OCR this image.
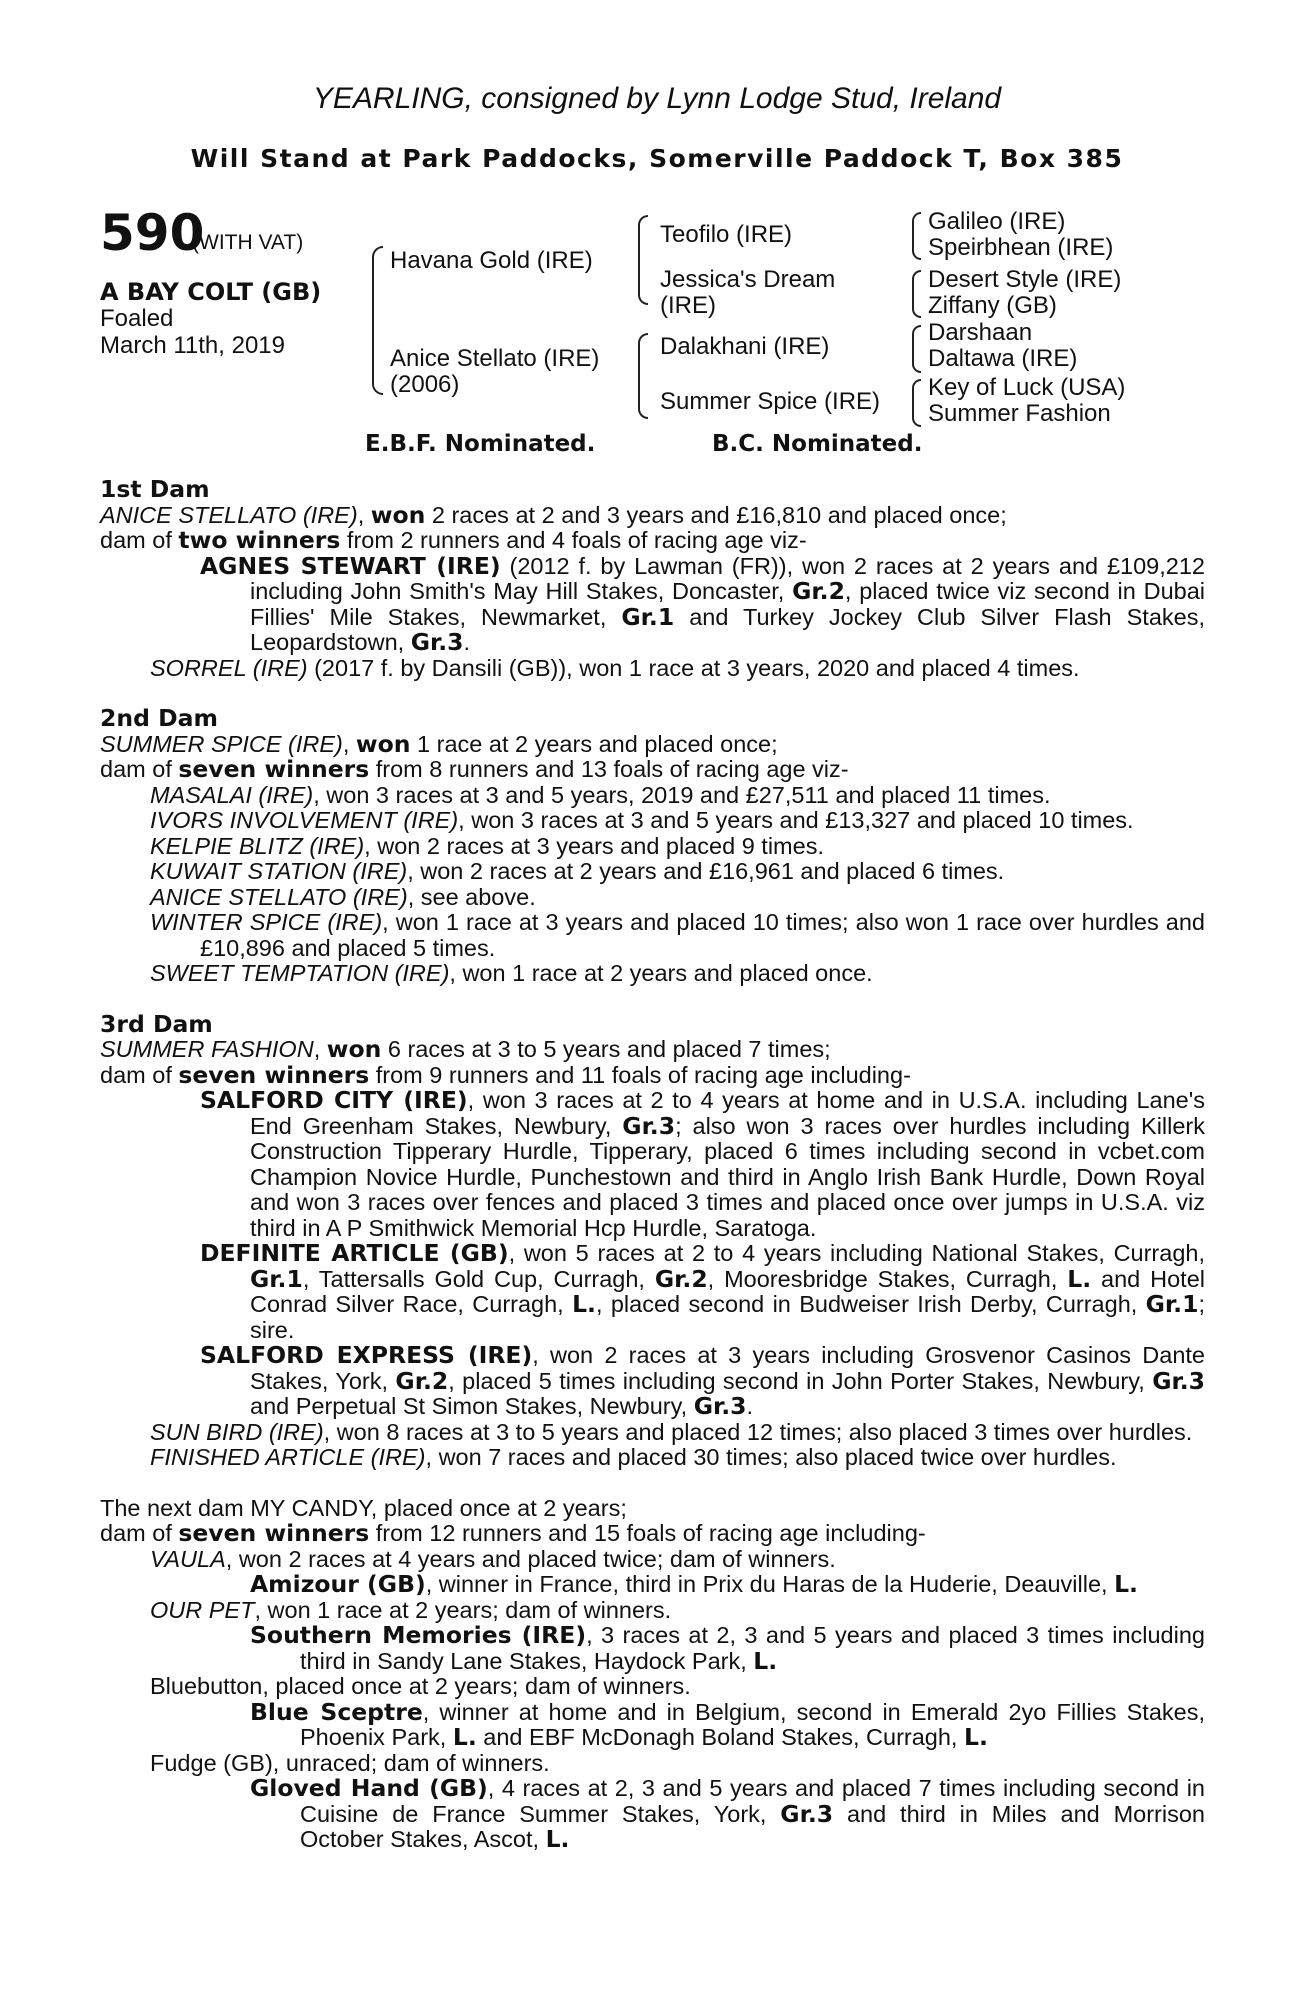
YEARLING, consigned by Lynn Lodge Stud, Ireland
Will Stand at Park Paddocks, Somerville Paddock T, Box 385
590
(WITH VAT)
A BAY COLT (GB)
Foaled
March 11th, 2019
Havana Gold (IRE)
Anice Stellato (IRE)
(2006)
Teofilo (IRE)
Jessica's Dream
(IRE)
Dalakhani (IRE)
Summer Spice (IRE)
Galileo (IRE)
Speirbhean (IRE)
Desert Style (IRE)
Ziffany (GB)
Darshaan
Daltawa (IRE)
Key of Luck (USA)
Summer Fashion
E.B.F. Nominated.	B.C. Nominated.
1st Dam

ANICE STELLATO (IRE), won 2 races at 2 and 3 years and £16,810 and placed once;

dam of two winners from 2 runners and 4 foals of racing age viz-

AGNES STEWART (IRE) (2012 f. by Lawman (FR)), won 2 races at 2 years and £109,212 including John Smith's May Hill Stakes, Doncaster, Gr.2, placed twice viz second in Dubai Fillies' Mile Stakes, Newmarket, Gr.1 and Turkey Jockey Club Silver Flash Stakes, Leopardstown, Gr.3.

SORREL (IRE) (2017 f. by Dansili (GB)), won 1 race at 3 years, 2020 and placed 4 times.

2nd Dam

SUMMER SPICE (IRE), won 1 race at 2 years and placed once;

dam of seven winners from 8 runners and 13 foals of racing age viz-

MASALAI (IRE), won 3 races at 3 and 5 years, 2019 and £27,511 and placed 11 times.

IVORS INVOLVEMENT (IRE), won 3 races at 3 and 5 years and £13,327 and placed 10 times.

KELPIE BLITZ (IRE), won 2 races at 3 years and placed 9 times.

KUWAIT STATION (IRE), won 2 races at 2 years and £16,961 and placed 6 times.

ANICE STELLATO (IRE), see above.

WINTER SPICE (IRE), won 1 race at 3 years and placed 10 times; also won 1 race over hurdles and £10,896 and placed 5 times.

SWEET TEMPTATION (IRE), won 1 race at 2 years and placed once.

3rd Dam

SUMMER FASHION, won 6 races at 3 to 5 years and placed 7 times;

dam of seven winners from 9 runners and 11 foals of racing age including-

SALFORD CITY (IRE), won 3 races at 2 to 4 years at home and in U.S.A. including Lane's End Greenham Stakes, Newbury, Gr.3; also won 3 races over hurdles including Killerk Construction Tipperary Hurdle, Tipperary, placed 6 times including second in vcbet.com Champion Novice Hurdle, Punchestown and third in Anglo Irish Bank Hurdle, Down Royal and won 3 races over fences and placed 3 times and placed once over jumps in U.S.A. viz third in A P Smithwick Memorial Hcp Hurdle, Saratoga.

DEFINITE ARTICLE (GB), won 5 races at 2 to 4 years including National Stakes, Curragh, Gr.1, Tattersalls Gold Cup, Curragh, Gr.2, Mooresbridge Stakes, Curragh, L. and Hotel Conrad Silver Race, Curragh, L., placed second in Budweiser Irish Derby, Curragh, Gr.1; sire.

SALFORD EXPRESS (IRE), won 2 races at 3 years including Grosvenor Casinos Dante Stakes, York, Gr.2, placed 5 times including second in John Porter Stakes, Newbury, Gr.3 and Perpetual St Simon Stakes, Newbury, Gr.3.

SUN BIRD (IRE), won 8 races at 3 to 5 years and placed 12 times; also placed 3 times over hurdles.

FINISHED ARTICLE (IRE), won 7 races and placed 30 times; also placed twice over hurdles.

The next dam MY CANDY, placed once at 2 years;

dam of seven winners from 12 runners and 15 foals of racing age including-

VAULA, won 2 races at 4 years and placed twice; dam of winners.

Amizour (GB), winner in France, third in Prix du Haras de la Huderie, Deauville, L.

OUR PET, won 1 race at 2 years; dam of winners.

Southern Memories (IRE), 3 races at 2, 3 and 5 years and placed 3 times including third in Sandy Lane Stakes, Haydock Park, L.

Bluebutton, placed once at 2 years; dam of winners.

Blue Sceptre, winner at home and in Belgium, second in Emerald 2yo Fillies Stakes, Phoenix Park, L. and EBF McDonagh Boland Stakes, Curragh, L.

Fudge (GB), unraced; dam of winners.

Gloved Hand (GB), 4 races at 2, 3 and 5 years and placed 7 times including second in Cuisine de France Summer Stakes, York, Gr.3 and third in Miles and Morrison October Stakes, Ascot, L.
